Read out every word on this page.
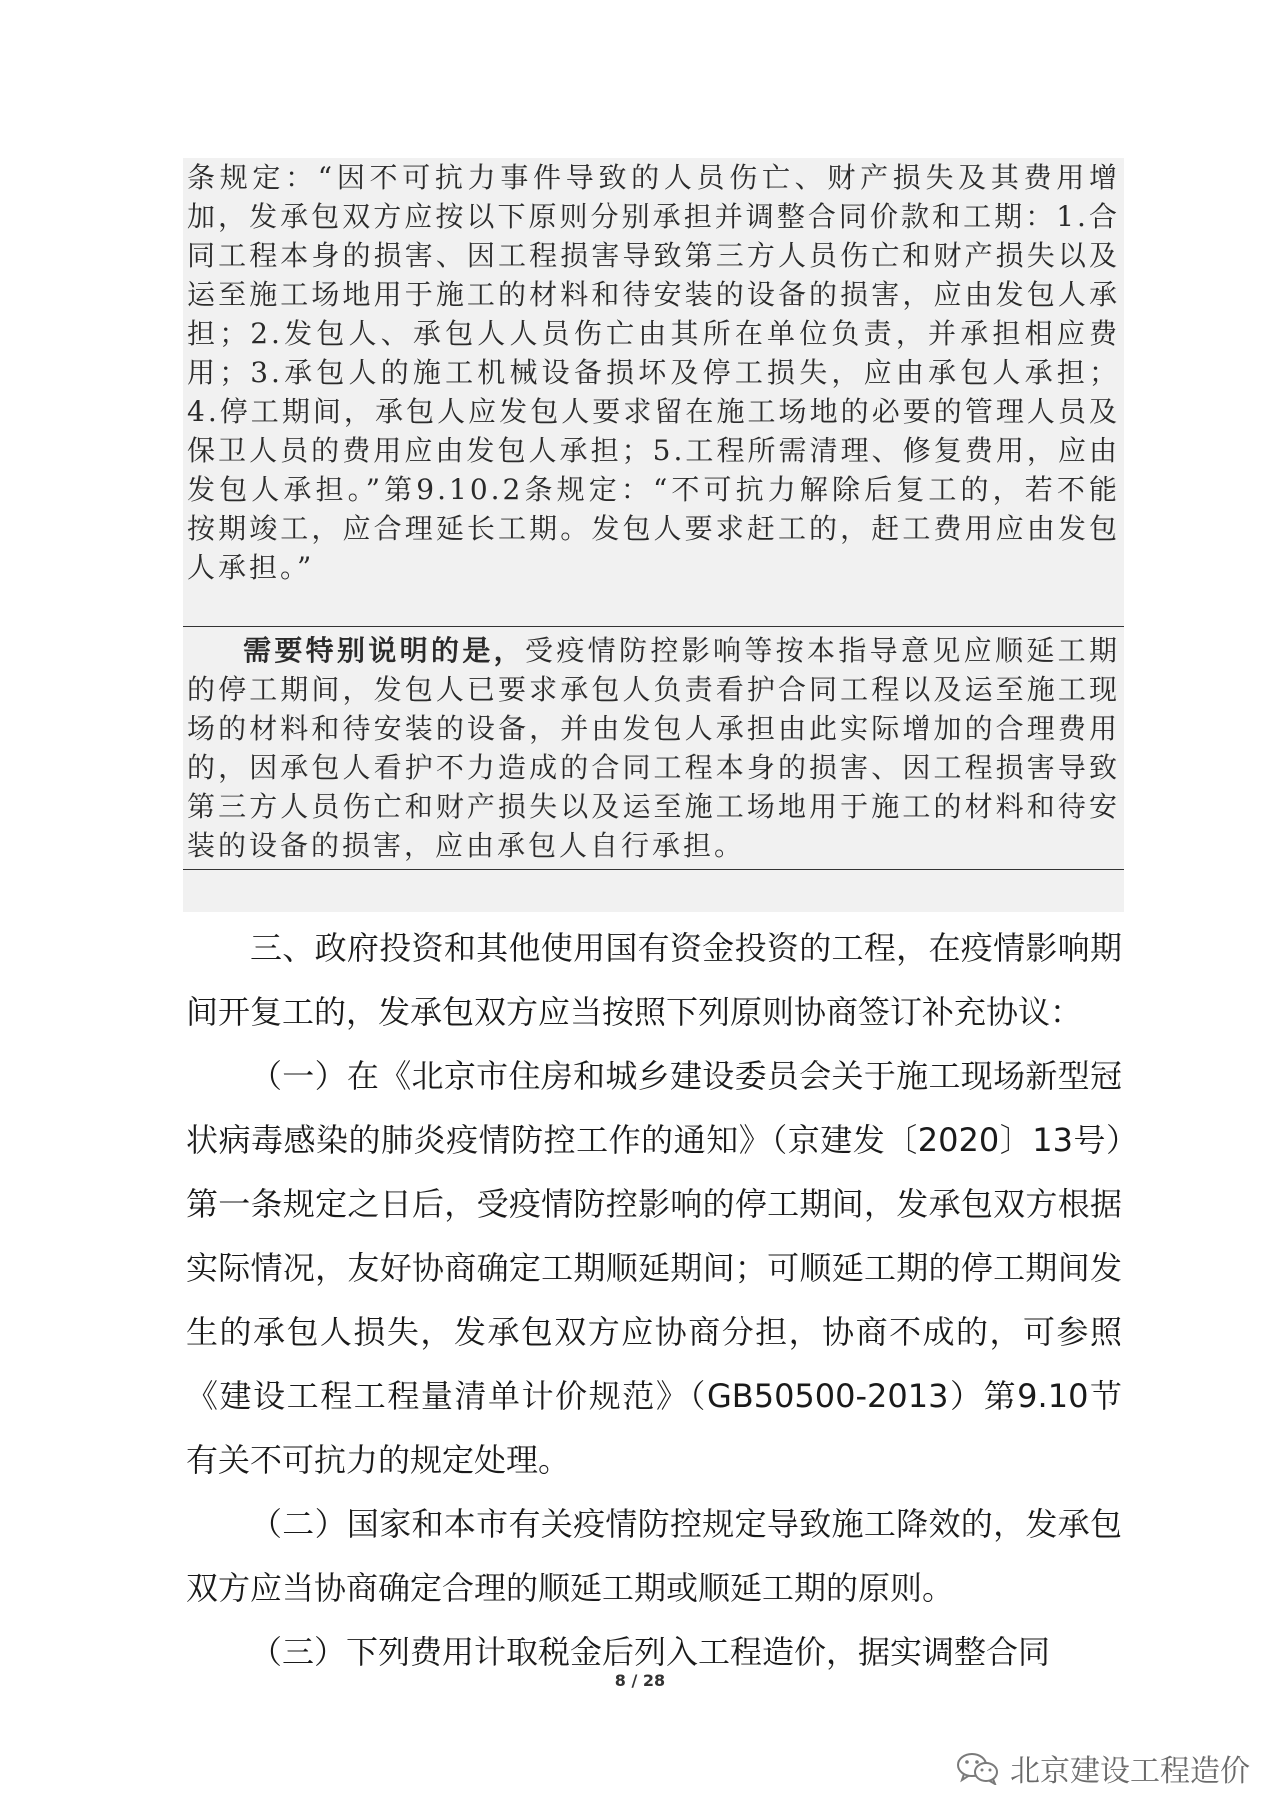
条规定：“因不可抗力事件导致的人员伤亡、财产损失及其费用增加，发承包双方应按以下原则分别承担并调整合同价款和工期：1.合同工程本身的损害、因工程损害导致第三方人员伤亡和财产损失以及运至施工场地用于施工的材料和待安装的设备的损害，应由发包人承担；2.发包人、承包人人员伤亡由其所在单位负责，并承担相应费用；3.承包人的施工机械设备损坏及停工损失，应由承包人承担；4.停工期间，承包人应发包人要求留在施工场地的必要的管理人员及保卫人员的费用应由发包人承担；5.工程所需清理、修复费用，应由发包人承担。”第9.10.2条规定：“不可抗力解除后复工的，若不能按期竣工，应合理延长工期。发包人要求赶工的，赶工费用应由发包人承担。”

需要特别说明的是，受疫情防控影响等按本指导意见应顺延工期的停工期间，发包人已要求承包人负责看护合同工程以及运至施工现场的材料和待安装的设备，并由发包人承担由此实际增加的合理费用的，因承包人看护不力造成的合同工程本身的损害、因工程损害导致第三方人员伤亡和财产损失以及运至施工场地用于施工的材料和待安装的设备的损害，应由承包人自行承担。

三、政府投资和其他使用国有资金投资的工程，在疫情影响期间开复工的，发承包双方应当按照下列原则协商签订补充协议：

（一）在《北京市住房和城乡建设委员会关于施工现场新型冠状病毒感染的肺炎疫情防控工作的通知》（京建发〔2020〕13号）第一条规定之日后，受疫情防控影响的停工期间，发承包双方根据实际情况，友好协商确定工期顺延期间；可顺延工期的停工期间发生的承包人损失，发承包双方应协商分担，协商不成的，可参照《建设工程工程量清单计价规范》（GB50500-2013）第9.10节有关不可抗力的规定处理。

（二）国家和本市有关疫情防控规定导致施工降效的，发承包双方应当协商确定合理的顺延工期或顺延工期的原则。

（三）下列费用计取税金后列入工程造价，据实调整合同

8 / 28
北京建设工程造价
